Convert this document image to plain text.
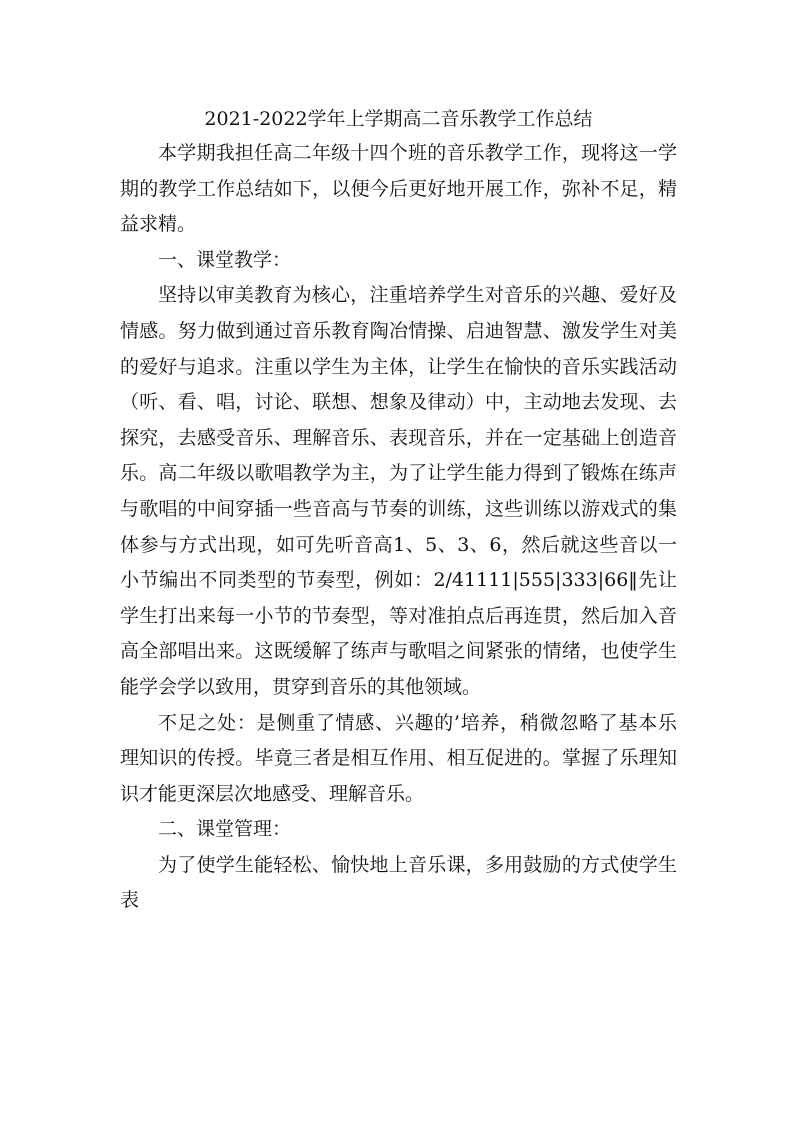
2021-2022学年上学期高二音乐教学工作总结

本学期我担任高二年级十四个班的音乐教学工作，现将这一学期的教学工作总结如下，以便今后更好地开展工作，弥补不足，精益求精。

一、课堂教学：

坚持以审美教育为核心，注重培养学生对音乐的兴趣、爱好及情感。努力做到通过音乐教育陶冶情操、启迪智慧、激发学生对美的爱好与追求。注重以学生为主体，让学生在愉快的音乐实践活动（听、看、唱，讨论、联想、想象及律动）中，主动地去发现、去探究，去感受音乐、理解音乐、表现音乐，并在一定基础上创造音乐。高二年级以歌唱教学为主，为了让学生能力得到了锻炼在练声与歌唱的中间穿插一些音高与节奏的训练，这些训练以游戏式的集体参与方式出现，如可先听音高1、5、3、6，然后就这些音以一小节编出不同类型的节奏型，例如：2/41111|555|333|66‖先让学生打出来每一小节的节奏型，等对准拍点后再连贯，然后加入音高全部唱出来。这既缓解了练声与歌唱之间紧张的情绪，也使学生能学会学以致用，贯穿到音乐的其他领域。

不足之处：是侧重了情感、兴趣的’培养，稍微忽略了基本乐理知识的传授。毕竟三者是相互作用、相互促进的。掌握了乐理知识才能更深层次地感受、理解音乐。

二、课堂管理：

为了使学生能轻松、愉快地上音乐课，多用鼓励的方式使学生表
